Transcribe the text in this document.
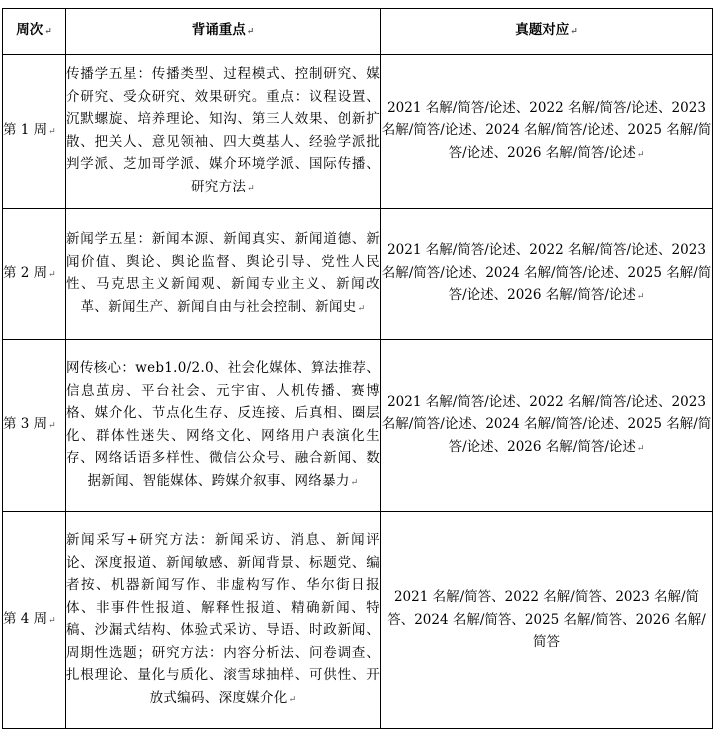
周次↵	背诵重点↵	真题对应↵
第 1 周↵	传播学五星：传播类型、过程模式、控制研究、媒介研究、受众研究、效果研究。重点：议程设置、沉默螺旋、培养理论、知沟、第三人效果、创新扩散、把关人、意见领袖、四大奠基人、经验学派批判学派、芝加哥学派、媒介环境学派、国际传播、研究方法↵	2021 名解/简答/论述、2022 名解/简答/论述、2023 名解/简答/论述、2024 名解/简答/论述、2025 名解/简答/论述、2026 名解/简答/论述↵
第 2 周↵	新闻学五星：新闻本源、新闻真实、新闻道德、新闻价值、舆论、舆论监督、舆论引导、党性人民性、马克思主义新闻观、新闻专业主义、新闻改革、新闻生产、新闻自由与社会控制、新闻史↵	2021 名解/简答/论述、2022 名解/简答/论述、2023 名解/简答/论述、2024 名解/简答/论述、2025 名解/简答/论述、2026 名解/简答/论述↵
第 3 周↵	网传核心：web1.0/2.0、社会化媒体、算法推荐、信息茧房、平台社会、元宇宙、人机传播、赛博格、媒介化、节点化生存、反连接、后真相、圈层化、群体性迷失、网络文化、网络用户表演化生存、网络话语多样性、微信公众号、融合新闻、数据新闻、智能媒体、跨媒介叙事、网络暴力↵	2021 名解/简答/论述、2022 名解/简答/论述、2023 名解/简答/论述、2024 名解/简答/论述、2025 名解/简答/论述、2026 名解/简答/论述↵
第 4 周↵	新闻采写+研究方法：新闻采访、消息、新闻评论、深度报道、新闻敏感、新闻背景、标题党、编者按、机器新闻写作、非虚构写作、华尔街日报体、非事件性报道、解释性报道、精确新闻、特稿、沙漏式结构、体验式采访、导语、时政新闻、周期性选题；研究方法：内容分析法、问卷调查、扎根理论、量化与质化、滚雪球抽样、可供性、开放式编码、深度媒介化↵	2021 名解/简答、2022 名解/简答、2023 名解/简答、2024 名解/简答、2025 名解/简答、2026 名解/简答
